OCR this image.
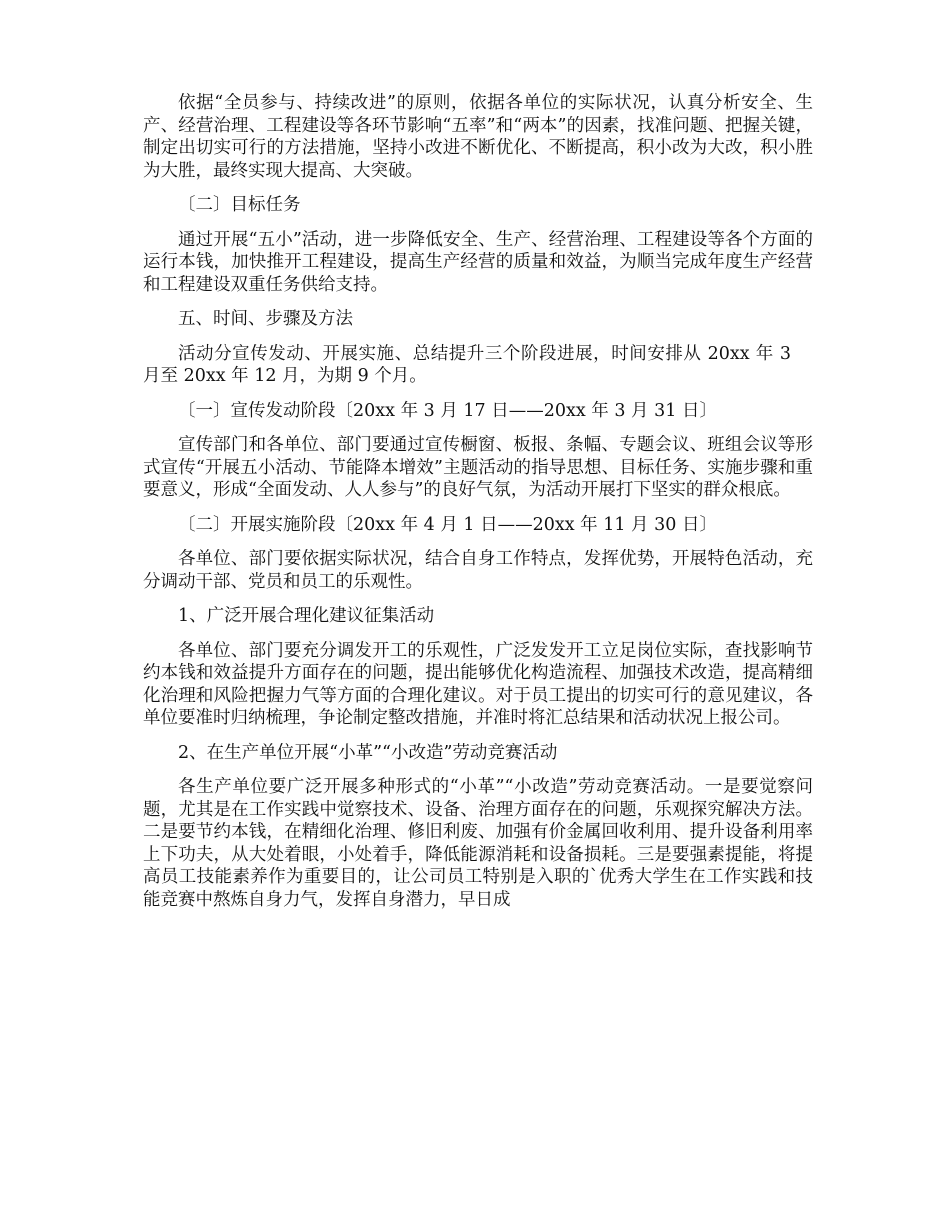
依据“全员参与、持续改进”的原则，依据各单位的实际状况，认真分析安全、生产、经营治理、工程建设等各环节影响“五率”和“两本”的因素，找准问题、把握关键，制定出切实可行的方法措施，坚持小改进不断优化、不断提高，积小改为大改，积小胜为大胜，最终实现大提高、大突破。

〔二〕目标任务

通过开展“五小”活动，进一步降低安全、生产、经营治理、工程建设等各个方面的运行本钱，加快推开工程建设，提高生产经营的质量和效益，为顺当完成年度生产经营和工程建设双重任务供给支持。

五、时间、步骤及方法

活动分宣传发动、开展实施、总结提升三个阶段进展，时间安排从 20xx 年 3 月至 20xx 年 12 月，为期 9 个月。

〔一〕宣传发动阶段〔20xx 年 3 月 17 日——20xx 年 3 月 31 日〕

宣传部门和各单位、部门要通过宣传橱窗、板报、条幅、专题会议、班组会议等形式宣传“开展五小活动、节能降本增效”主题活动的指导思想、目标任务、实施步骤和重要意义，形成“全面发动、人人参与”的良好气氛，为活动开展打下坚实的群众根底。

〔二〕开展实施阶段〔20xx 年 4 月 1 日——20xx 年 11 月 30 日〕

各单位、部门要依据实际状况，结合自身工作特点，发挥优势，开展特色活动，充分调动干部、党员和员工的乐观性。

1、广泛开展合理化建议征集活动

各单位、部门要充分调发开工的乐观性，广泛发发开工立足岗位实际，查找影响节约本钱和效益提升方面存在的问题，提出能够优化构造流程、加强技术改造，提高精细化治理和风险把握力气等方面的合理化建议。对于员工提出的切实可行的意见建议，各单位要准时归纳梳理，争论制定整改措施，并准时将汇总结果和活动状况上报公司。

2、在生产单位开展“小革”“小改造”劳动竞赛活动

各生产单位要广泛开展多种形式的“小革”“小改造”劳动竞赛活动。一是要觉察问题，尤其是在工作实践中觉察技术、设备、治理方面存在的问题，乐观探究解决方法。二是要节约本钱，在精细化治理、修旧利废、加强有价金属回收利用、提升设备利用率上下功夫，从大处着眼，小处着手，降低能源消耗和设备损耗。三是要强素提能，将提高员工技能素养作为重要目的，让公司员工特别是入职的`优秀大学生在工作实践和技能竞赛中熬炼自身力气，发挥自身潜力，早日成
